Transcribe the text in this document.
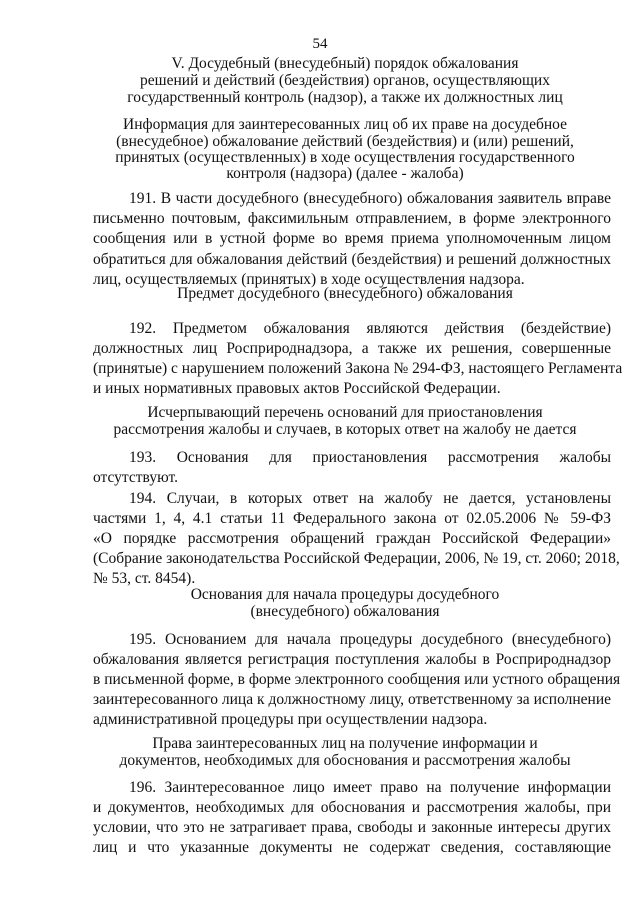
54
V. Досудебный (внесудебный) порядок обжалования
решений и действий (бездействия) органов, осуществляющих
государственный контроль (надзор), а также их должностных лиц
Информация для заинтересованных лиц об их праве на досудебное
(внесудебное) обжалование действий (бездействия) и (или) решений,
принятых (осуществленных) в ходе осуществления государственного
контроля (надзора) (далее - жалоба)
191. В части досудебного (внесудебного) обжалования заявитель вправе
письменно почтовым, факсимильным отправлением, в форме электронного
сообщения или в устной форме во время приема уполномоченным лицом
обратиться для обжалования действий (бездействия) и решений должностных
лиц, осуществляемых (принятых) в ходе осуществления надзора.
Предмет досудебного (внесудебного) обжалования
192. Предметом обжалования являются действия (бездействие)
должностных лиц Росприроднадзора, а также их решения, совершенные
(принятые) с нарушением положений Закона № 294-ФЗ, настоящего Регламента
и иных нормативных правовых актов Российской Федерации.
Исчерпывающий перечень оснований для приостановления
рассмотрения жалобы и случаев, в которых ответ на жалобу не дается
193. Основания для приостановления рассмотрения жалобы
отсутствуют.
194. Случаи, в которых ответ на жалобу не дается, установлены
частями 1, 4, 4.1 статьи 11 Федерального закона от 02.05.2006 № 59-ФЗ
«О порядке рассмотрения обращений граждан Российской Федерации»
(Собрание законодательства Российской Федерации, 2006, № 19, ст. 2060; 2018,
№ 53, ст. 8454).
Основания для начала процедуры досудебного
(внесудебного) обжалования
195. Основанием для начала процедуры досудебного (внесудебного)
обжалования является регистрация поступления жалобы в Росприроднадзор
в письменной форме, в форме электронного сообщения или устного обращения
заинтересованного лица к должностному лицу, ответственному за исполнение
административной процедуры при осуществлении надзора.
Права заинтересованных лиц на получение информации и
документов, необходимых для обоснования и рассмотрения жалобы
196. Заинтересованное лицо имеет право на получение информации
и документов, необходимых для обоснования и рассмотрения жалобы, при
условии, что это не затрагивает права, свободы и законные интересы других
лиц и что указанные документы не содержат сведения, составляющие
